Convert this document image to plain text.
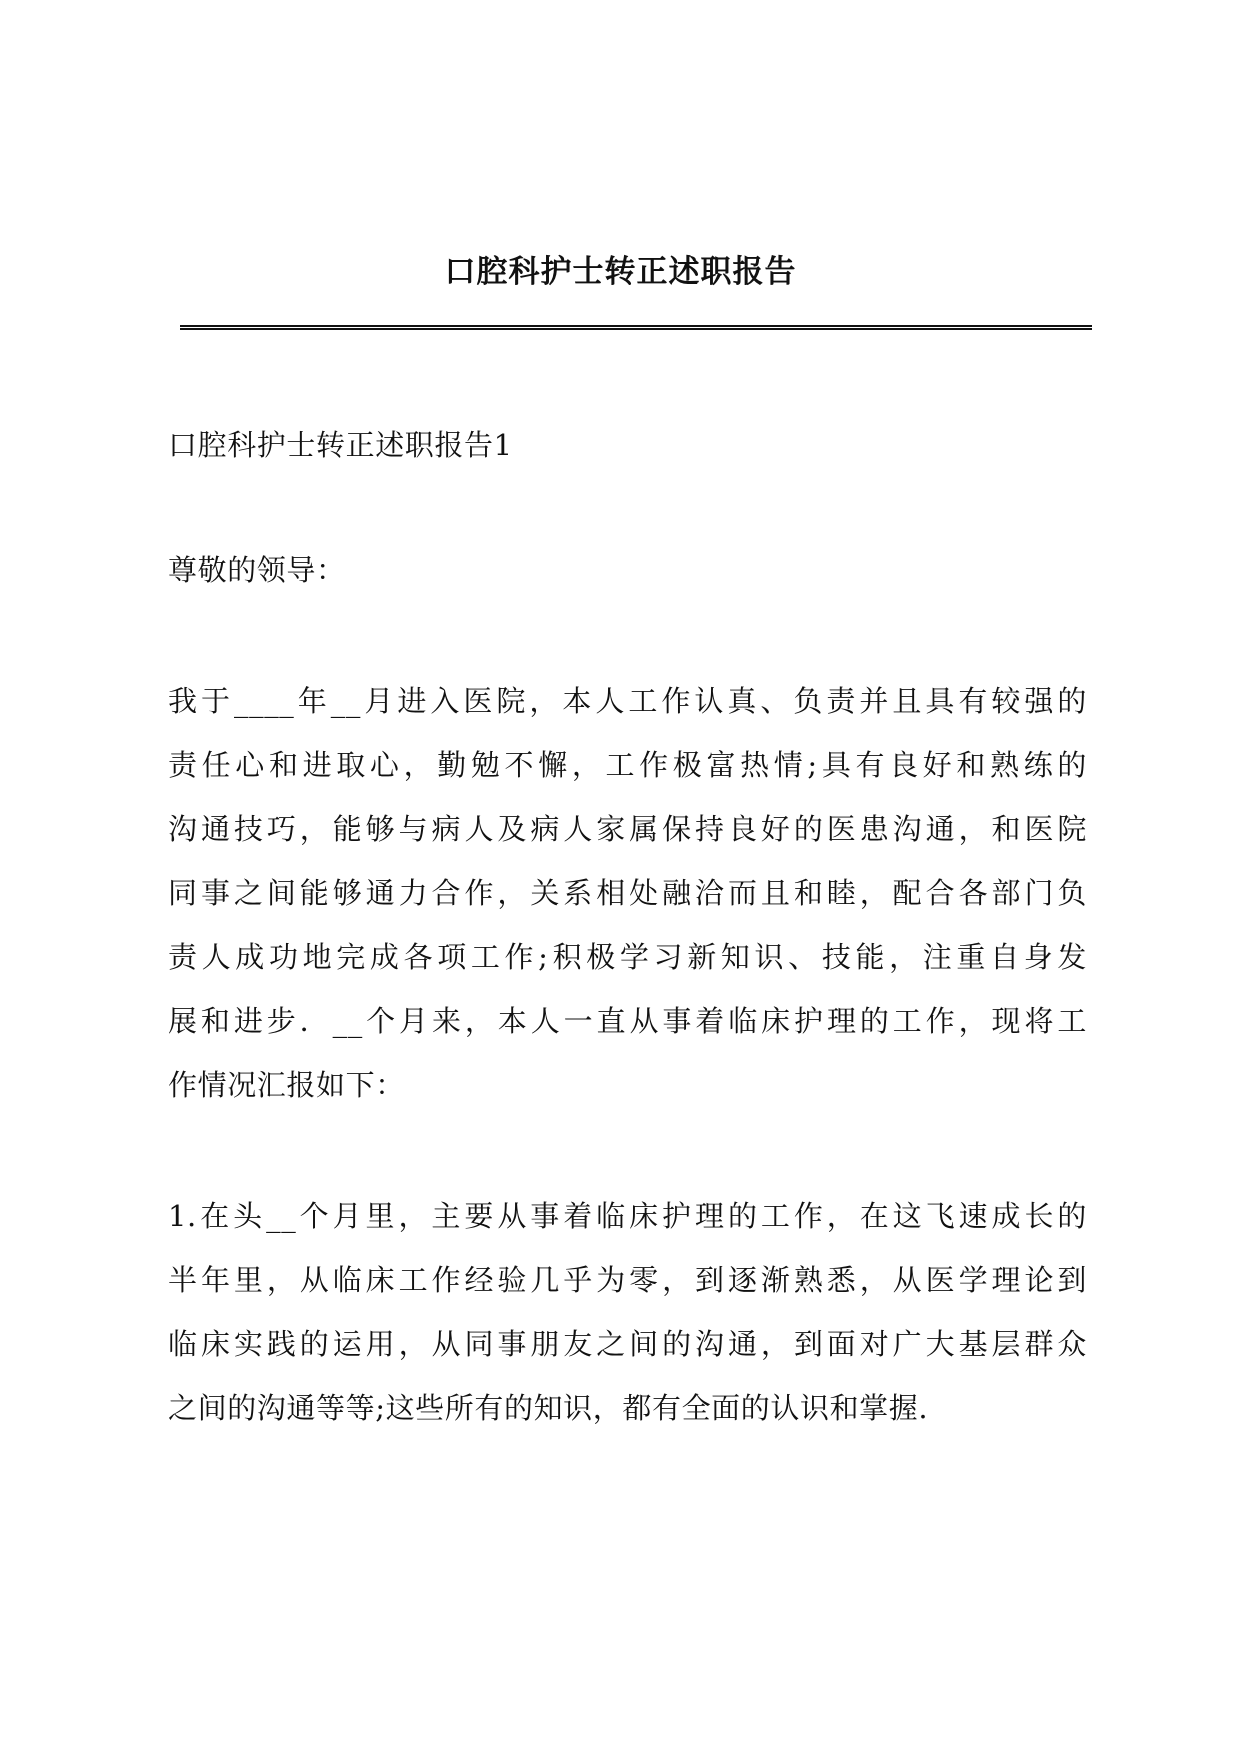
口腔科护士转正述职报告
口腔科护士转正述职报告1
尊敬的领导：
我于____年__月进入医院，本人工作认真、负责并且具有较强的
责任心和进取心，勤勉不懈，工作极富热情;具有良好和熟练的
沟通技巧，能够与病人及病人家属保持良好的医患沟通，和医院
同事之间能够通力合作，关系相处融洽而且和睦，配合各部门负
责人成功地完成各项工作;积极学习新知识、技能，注重自身发
展和进步．__个月来，本人一直从事着临床护理的工作，现将工
作情况汇报如下：
1.在头__个月里，主要从事着临床护理的工作，在这飞速成长的
半年里，从临床工作经验几乎为零，到逐渐熟悉，从医学理论到
临床实践的运用，从同事朋友之间的沟通，到面对广大基层群众
之间的沟通等等;这些所有的知识，都有全面的认识和掌握.
